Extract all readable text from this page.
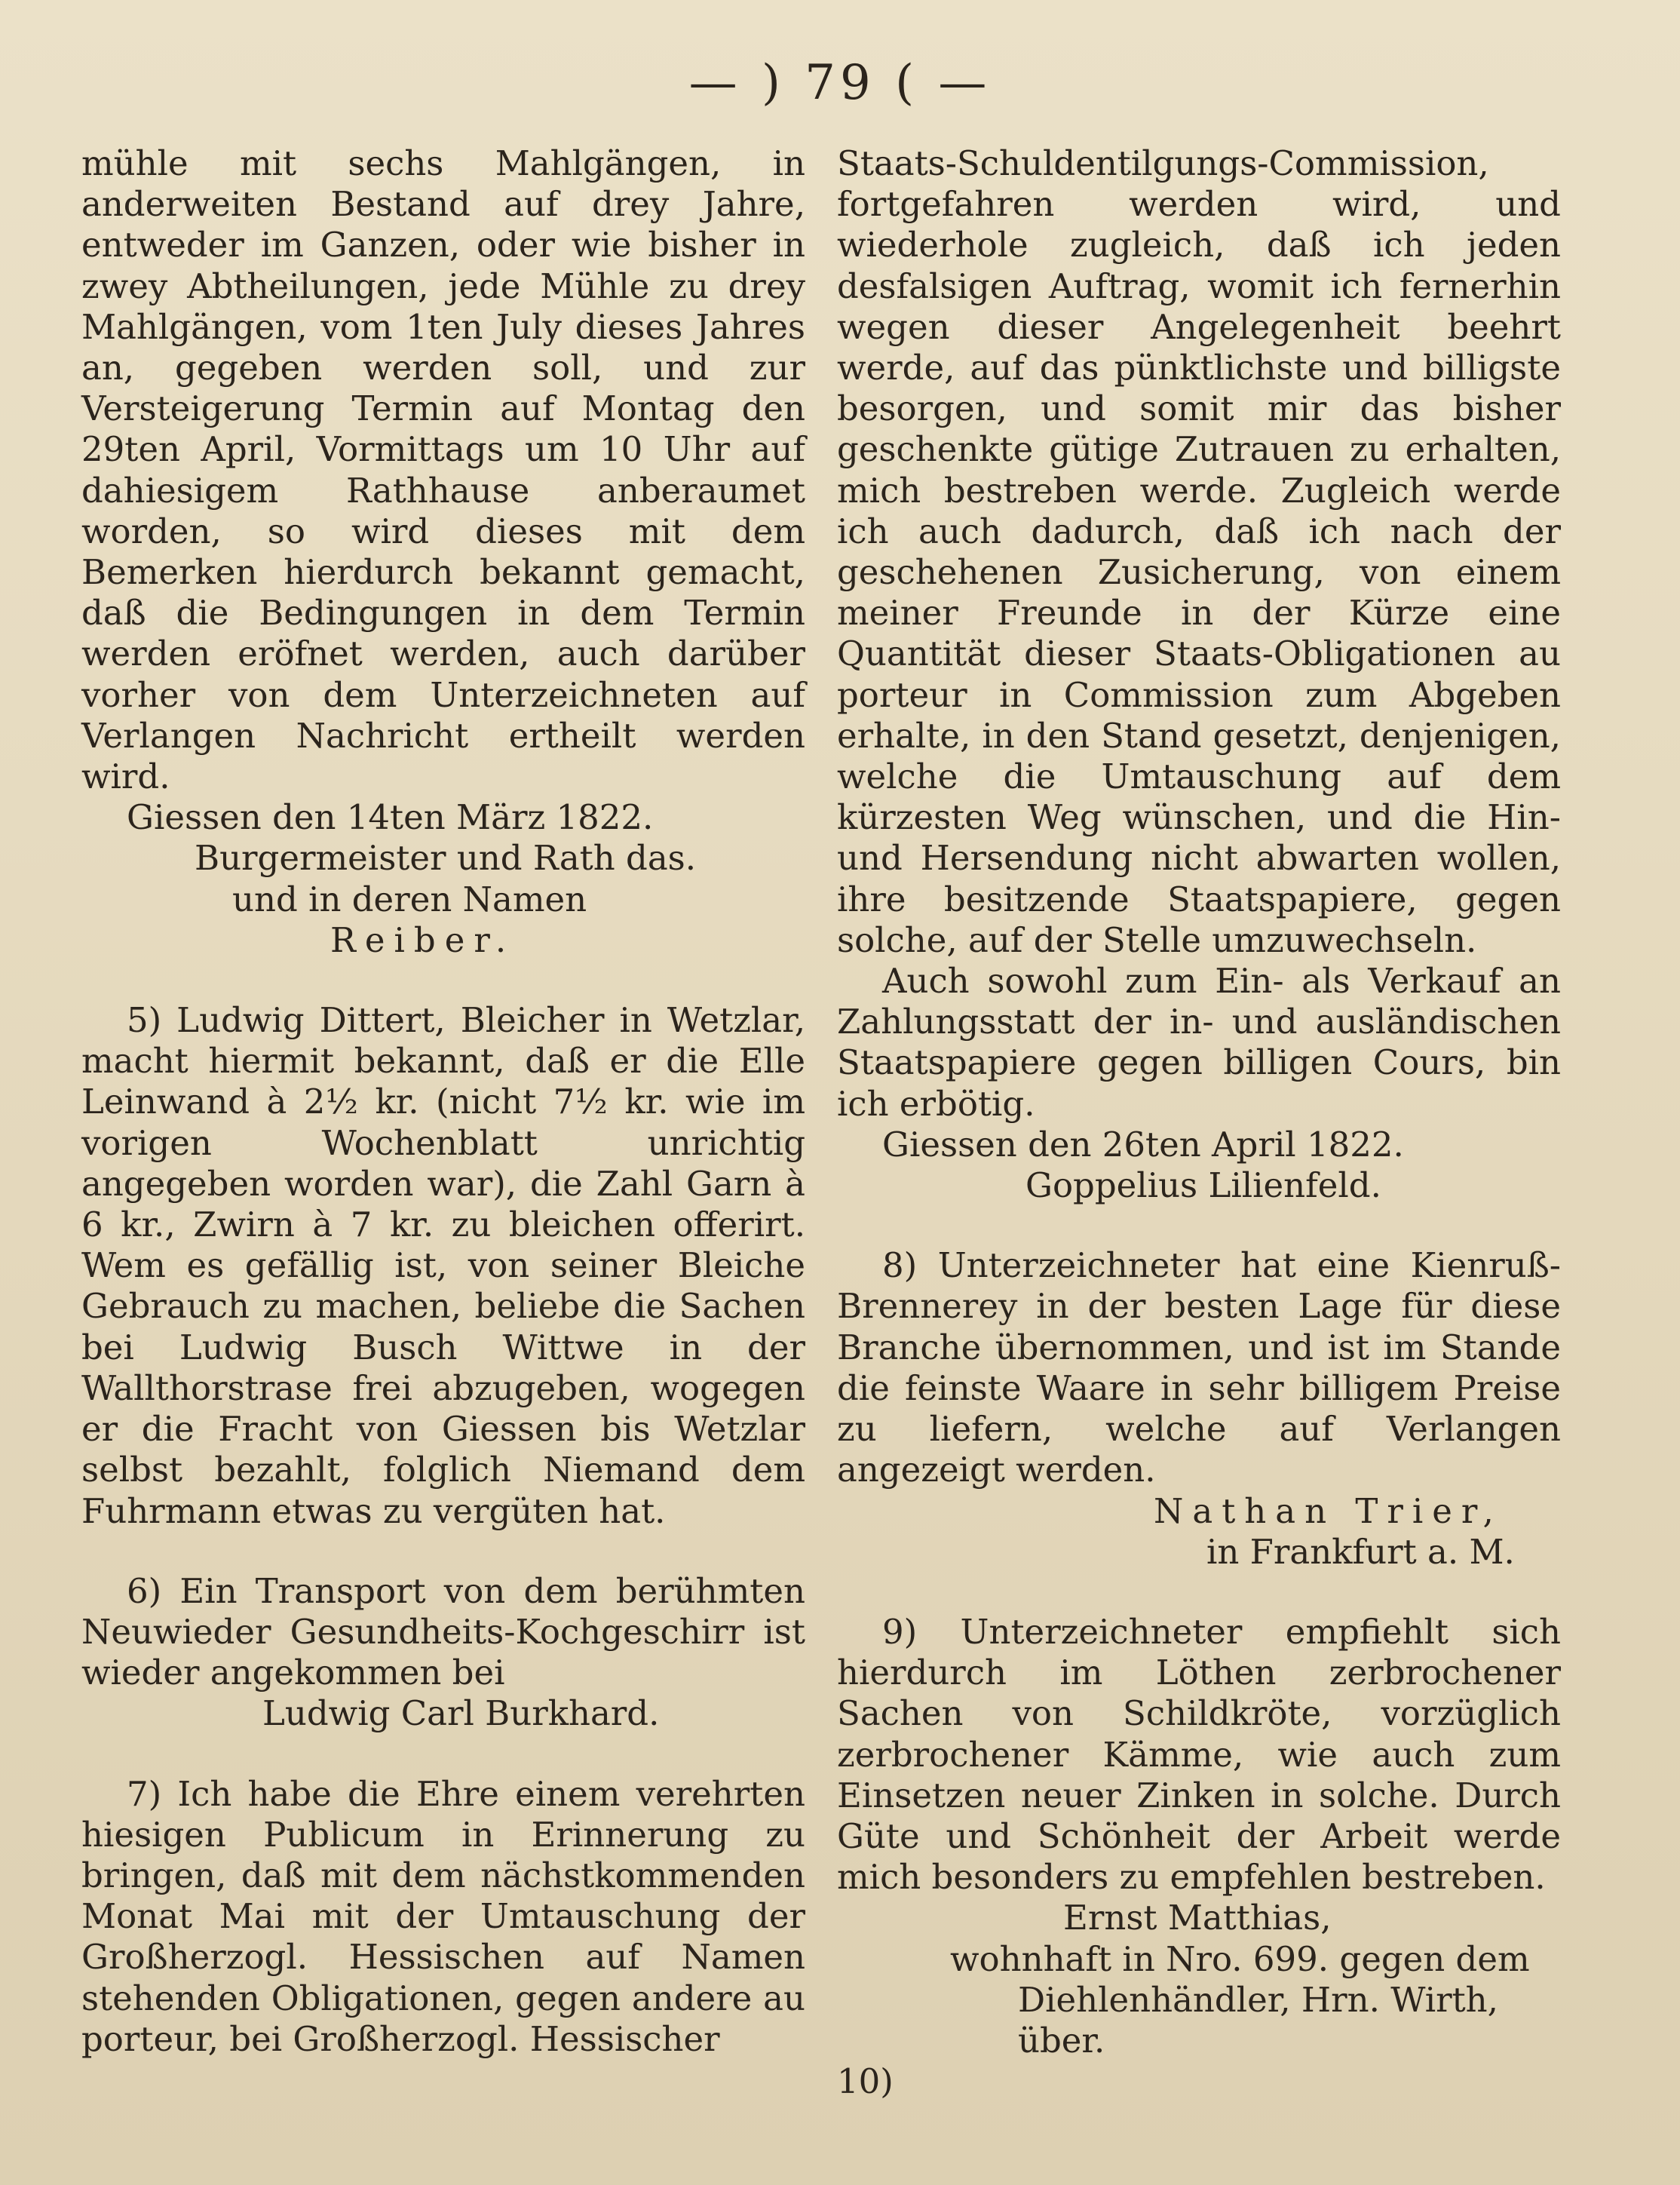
— ) 79 ( —

mühle mit sechs Mahlgängen, in anderweiten Bestand auf drey Jahre, entweder im Ganzen, oder wie bisher in zwey Abtheilungen, jede Mühle zu drey Mahlgängen, vom 1ten July dieses Jahres an, gegeben werden soll, und zur Versteigerung Termin auf Montag den 29ten April, Vormittags um 10 Uhr auf dahiesigem Rathhause anberaumet worden, so wird dieses mit dem Bemerken hierdurch bekannt gemacht, daß die Bedingungen in dem Termin werden eröfnet werden, auch darüber vorher von dem Unterzeichneten auf Verlangen Nachricht ertheilt werden wird.

Giessen den 14ten März 1822.

Burgermeister und Rath das.

und in deren Namen

Reiber.

5) Ludwig Dittert, Bleicher in Wetzlar, macht hiermit bekannt, daß er die Elle Leinwand à 2½ kr. (nicht 7½ kr. wie im vorigen Wochenblatt unrichtig angegeben worden war), die Zahl Garn à 6 kr., Zwirn à 7 kr. zu bleichen offerirt. Wem es gefällig ist, von seiner Bleiche Gebrauch zu machen, beliebe die Sachen bei Ludwig Busch Wittwe in der Wallthorstrase frei abzugeben, wogegen er die Fracht von Giessen bis Wetzlar selbst bezahlt, folglich Niemand dem Fuhrmann etwas zu vergüten hat.

6) Ein Transport von dem berühmten Neuwieder Gesundheits-Kochgeschirr ist wieder angekommen bei

Ludwig Carl Burkhard.

7) Ich habe die Ehre einem verehrten hiesigen Publicum in Erinnerung zu bringen, daß mit dem nächstkommenden Monat Mai mit der Umtauschung der Großherzogl. Hessischen auf Namen stehenden Obligationen, gegen andere au porteur, bei Großherzogl. Hessischer

Staats-Schuldentilgungs-Commission, fortgefahren werden wird, und wiederhole zugleich, daß ich jeden desfalsigen Auftrag, womit ich fernerhin wegen dieser Angelegenheit beehrt werde, auf das pünktlichste und billigste besorgen, und somit mir das bisher geschenkte gütige Zutrauen zu erhalten, mich bestreben werde. Zugleich werde ich auch dadurch, daß ich nach der geschehenen Zusicherung, von einem meiner Freunde in der Kürze eine Quantität dieser Staats-Obligationen au porteur in Commission zum Abgeben erhalte, in den Stand gesetzt, denjenigen, welche die Umtauschung auf dem kürzesten Weg wünschen, und die Hin- und Hersendung nicht abwarten wollen, ihre besitzende Staatspapiere, gegen solche, auf der Stelle umzuwechseln.

Auch sowohl zum Ein- als Verkauf an Zahlungsstatt der in- und ausländischen Staatspapiere gegen billigen Cours, bin ich erbötig.

Giessen den 26ten April 1822.

Goppelius Lilienfeld.

8) Unterzeichneter hat eine Kienruß-Brennerey in der besten Lage für diese Branche übernommen, und ist im Stande die feinste Waare in sehr billigem Preise zu liefern, welche auf Verlangen angezeigt werden.

Nathan Trier,

in Frankfurt a. M.

9) Unterzeichneter empfiehlt sich hierdurch im Löthen zerbrochener Sachen von Schildkröte, vorzüglich zerbrochener Kämme, wie auch zum Einsetzen neuer Zinken in solche. Durch Güte und Schönheit der Arbeit werde mich besonders zu empfehlen bestreben.

Ernst Matthias,

wohnhaft in Nro. 699. gegen dem

Diehlenhändler, Hrn. Wirth,

über.

10)
